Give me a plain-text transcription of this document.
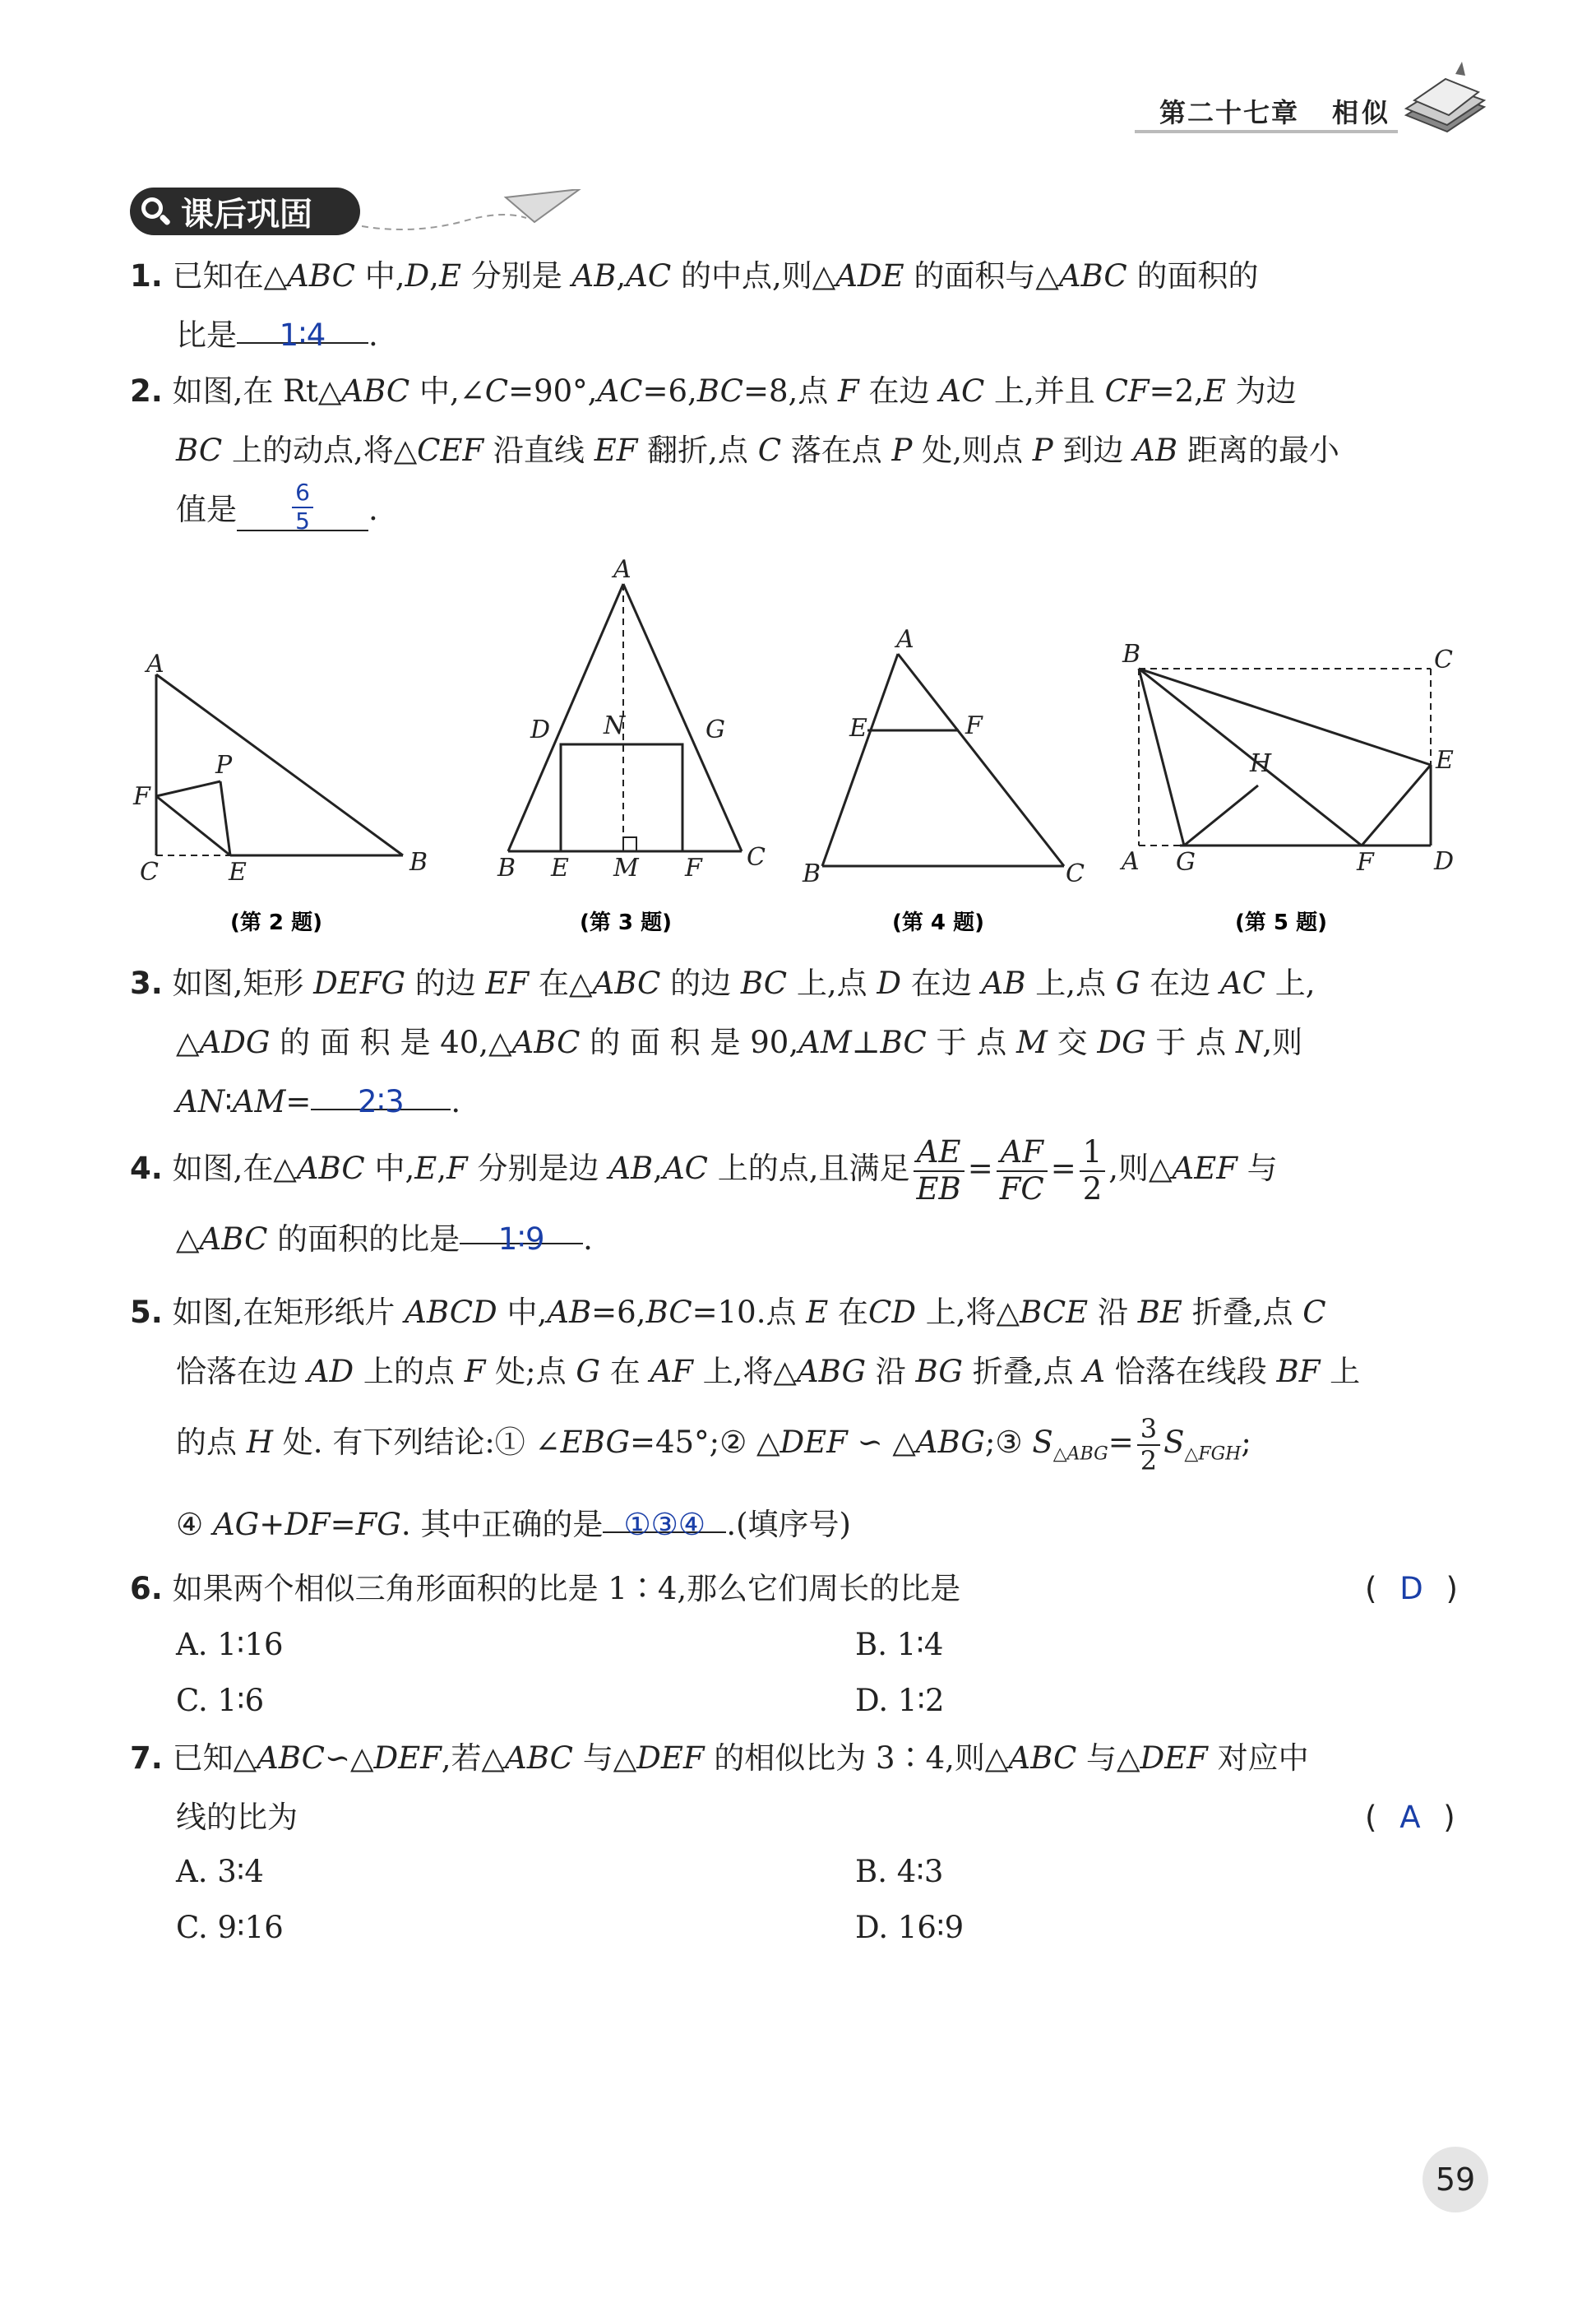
第二十七章 相似
课后巩固
1. 已知在△ABC 中,D,E 分别是 AB,AC 的中点,则△ADE 的面积与△ABC 的面积的
比是 1∶4 .
2. 如图,在 Rt△ABC 中,∠C=90°,AC=6,BC=8,点 F 在边 AC 上,并且 CF=2,E 为边
BC 上的动点,将△CEF 沿直线 EF 翻折,点 C 落在点 P 处,则点 P 到边 AB 距离的最小
值是 $\frac{6}{5}$ .
A
B
C	E
F
P
A
B	C
D
E	F
G
M
N
A
B	C
E	F
B	C
A	D
E
F
G
H
(第 2 题)	(第 3 题)	(第 4 题)	(第 5 题)
3. 如图,矩形 DEFG 的边 EF 在△ABC 的边 BC 上,点 D 在边 AB 上,点 G 在边 AC 上,
△ADG 的 面 积 是 40,△ABC 的 面 积 是 90,AM⊥BC 于 点 M 交 DG 于 点 N,则
AN∶AM= 2∶3 .
4. 如图,在△ABC 中,E,F 分别是边 AB,AC 上的点,且满足 $\frac{AE}{EB} = \frac{AF}{FC} = \frac{1}{2}$ ,则△AEF 与
△ABC 的面积的比是 1∶9 .
5. 如图,在矩形纸片 ABCD 中,AB=6,BC=10.点 E 在CD 上,将△BCE 沿 BE 折叠,点 C
恰落在边 AD 上的点 F 处;点 G 在 AF 上,将△ABG 沿 BG 折叠,点 A 恰落在线段 BF 上
的点 H 处. 有下列结论:① ∠EBG=45°;② △DEF ∽ △ABG;③ $S_{\triangle ABG}= \frac{3}{2} S_{\triangle FGH}$;
④ AG+DF=FG. 其中正确的是 ①③④ .(填序号)
6. 如果两个相似三角形面积的比是 1∶4,那么它们周长的比是	( D )
A. 1∶16	B. 1∶4
C. 1∶6	D. 1∶2
7. 已知△ABC∽△DEF,若△ABC 与△DEF 的相似比为 3∶4,则△ABC 与△DEF 对应中
线的比为	( A )
A. 3∶4	B. 4∶3
C. 9∶16	D. 16∶9
59
